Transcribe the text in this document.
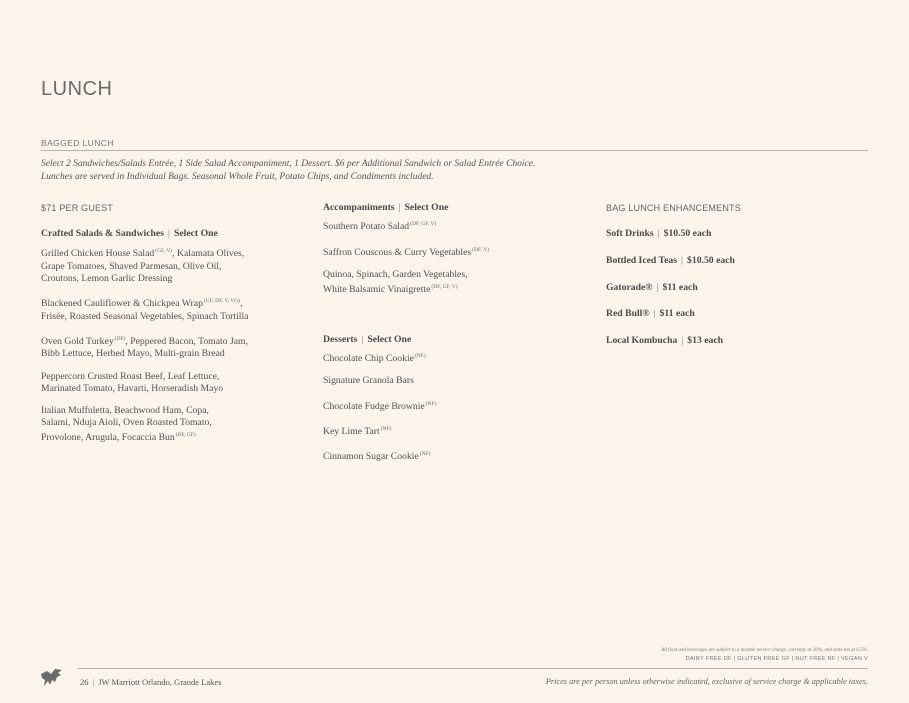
LUNCH
BAGGED LUNCH
Select 2 Sandwiches/Salads Entrée, 1 Side Salad Accompaniment, 1 Dessert. $6 per Additional Sandwich or Salad Entrée Choice.
Lunches are served in Individual Bags. Seasonal Whole Fruit, Potato Chips, and Condiments included.

$71 PER GUEST

Crafted Salads & Sandwiches | Select One

Grilled Chicken House Salad$^{(GF, V)}$, Kalamata Olives,
Grape Tomatoes, Shaved Parmesan, Olive Oil,
Croutons, Lemon Garlic Dressing

Blackened Cauliflower & Chickpea Wrap$^{(GF, DF, V, VG)}$,
Frisée, Roasted Seasonal Vegetables, Spinach Tortilla

Oven Gold Turkey$^{(DF)}$, Peppered Bacon, Tomato Jam,
Bibb Lettuce, Herbed Mayo, Multi-grain Bread

Peppercorn Crusted Roast Beef, Leaf Lettuce,
Marinated Tomato, Havarti, Horseradish Mayo

Italian Muffuletta, Beachwood Ham, Copa,
Salami, Nduja Aioli, Oven Roasted Tomato,
Provolone, Arugula, Focaccia Bun$^{(DF, GF)}$

Accompaniments | Select One

Southern Potato Salad$^{(DF, GF, V)}$

Saffron Couscous & Curry Vegetables$^{(DF, V)}$

Quinoa, Spinach, Garden Vegetables,
White Balsamic Vinaigrette$^{(DF, GF, V)}$

Desserts | Select One

Chocolate Chip Cookie$^{(NF)}$

Signature Granola Bars

Chocolate Fudge Brownie$^{(NF)}$

Key Lime Tart$^{(NF)}$

Cinnamon Sugar Cookie$^{(NF)}$

BAG LUNCH ENHANCEMENTS

Soft Drinks | $10.50 each

Bottled Iced Teas | $10.50 each

Gatorade® | $11 each

Red Bull® | $11 each

Local Kombucha | $13 each

All food and beverages are subject to a taxable service charge, currently at 26%, and state tax at 6.5%.
DAIRY FREE DF | GLUTEN FREE GF | NUT FREE NF | VEGAN V
26 | JW Marriott Orlando, Grande Lakes	Prices are per person unless otherwise indicated, exclusive of service charge & applicable taxes.
